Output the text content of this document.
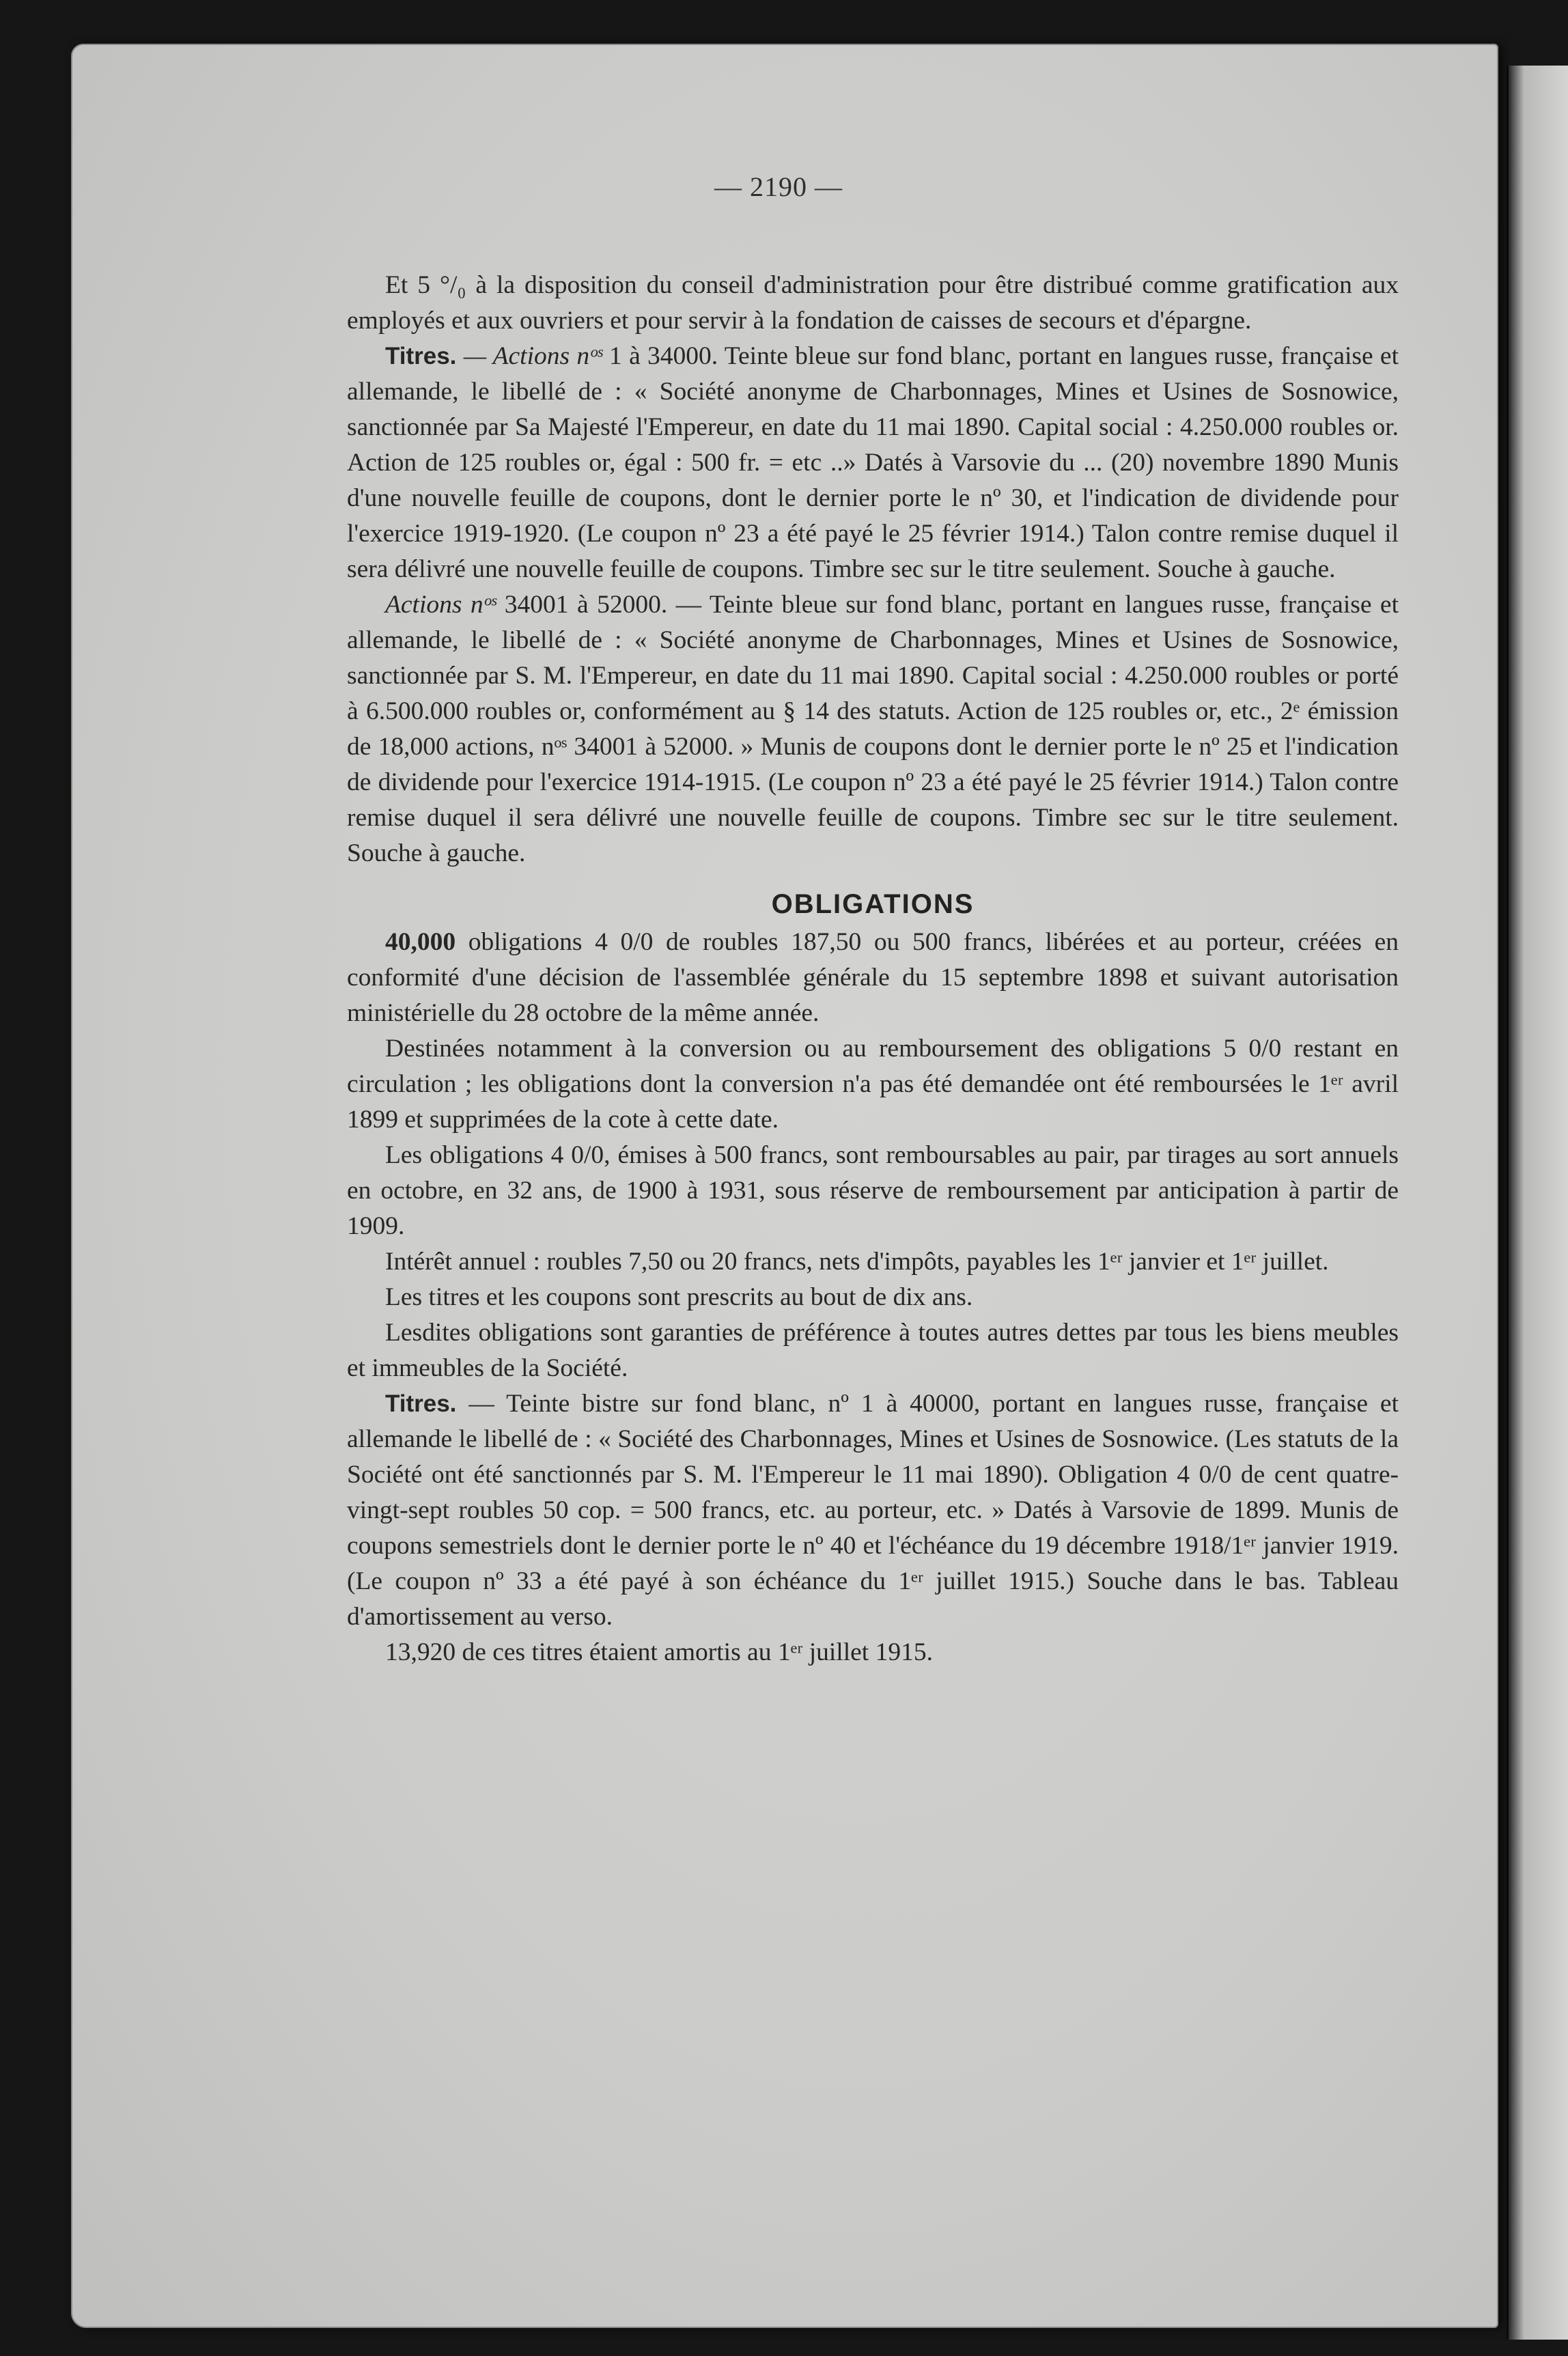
— 2190 —

Et 5 °/₀ à la disposition du conseil d'administration pour être distribué comme gratification aux employés et aux ouvriers et pour servir à la fondation de caisses de secours et d'épargne.

Titres. — Actions nᵒˢ 1 à 34000. Teinte bleue sur fond blanc, portant en langues russe, française et allemande, le libellé de : « Société anonyme de Charbonnages, Mines et Usines de Sosnowice, sanctionnée par Sa Majesté l'Empereur, en date du 11 mai 1890. Capital social : 4.250.000 roubles or. Action de 125 roubles or, égal : 500 fr. = etc ..» Datés à Varsovie du ... (20) novembre 1890 Munis d'une nouvelle feuille de coupons, dont le dernier porte le nº 30, et l'indication de dividende pour l'exercice 1919-1920. (Le coupon nº 23 a été payé le 25 février 1914.) Talon contre remise duquel il sera délivré une nouvelle feuille de coupons. Timbre sec sur le titre seulement. Souche à gauche.

Actions nᵒˢ 34001 à 52000. — Teinte bleue sur fond blanc, portant en langues russe, française et allemande, le libellé de : « Société anonyme de Charbonnages, Mines et Usines de Sosnowice, sanctionnée par S. M. l'Empereur, en date du 11 mai 1890. Capital social : 4.250.000 roubles or porté à 6.500.000 roubles or, conformément au § 14 des statuts. Action de 125 roubles or, etc., 2ᵉ émission de 18,000 actions, nᵒˢ 34001 à 52000. » Munis de coupons dont le dernier porte le nº 25 et l'indication de dividende pour l'exercice 1914-1915. (Le coupon nº 23 a été payé le 25 février 1914.) Talon contre remise duquel il sera délivré une nouvelle feuille de coupons. Timbre sec sur le titre seulement. Souche à gauche.

OBLIGATIONS

40,000 obligations 4 0/0 de roubles 187,50 ou 500 francs, libérées et au porteur, créées en conformité d'une décision de l'assemblée générale du 15 septembre 1898 et suivant autorisation ministérielle du 28 octobre de la même année.

Destinées notamment à la conversion ou au remboursement des obligations 5 0/0 restant en circulation ; les obligations dont la conversion n'a pas été demandée ont été remboursées le 1ᵉʳ avril 1899 et supprimées de la cote à cette date.

Les obligations 4 0/0, émises à 500 francs, sont remboursables au pair, par tirages au sort annuels en octobre, en 32 ans, de 1900 à 1931, sous réserve de remboursement par anticipation à partir de 1909.

Intérêt annuel : roubles 7,50 ou 20 francs, nets d'impôts, payables les 1ᵉʳ janvier et 1ᵉʳ juillet.

Les titres et les coupons sont prescrits au bout de dix ans.

Lesdites obligations sont garanties de préférence à toutes autres dettes par tous les biens meubles et immeubles de la Société.

Titres. — Teinte bistre sur fond blanc, nº 1 à 40000, portant en langues russe, française et allemande le libellé de : « Société des Charbonnages, Mines et Usines de Sosnowice. (Les statuts de la Société ont été sanctionnés par S. M. l'Empereur le 11 mai 1890). Obligation 4 0/0 de cent quatre-vingt-sept roubles 50 cop. = 500 francs, etc. au porteur, etc. » Datés à Varsovie de 1899. Munis de coupons semestriels dont le dernier porte le nº 40 et l'échéance du 19 décembre 1918/1ᵉʳ janvier 1919. (Le coupon nº 33 a été payé à son échéance du 1ᵉʳ juillet 1915.) Souche dans le bas. Tableau d'amortissement au verso.

13,920 de ces titres étaient amortis au 1ᵉʳ juillet 1915.
